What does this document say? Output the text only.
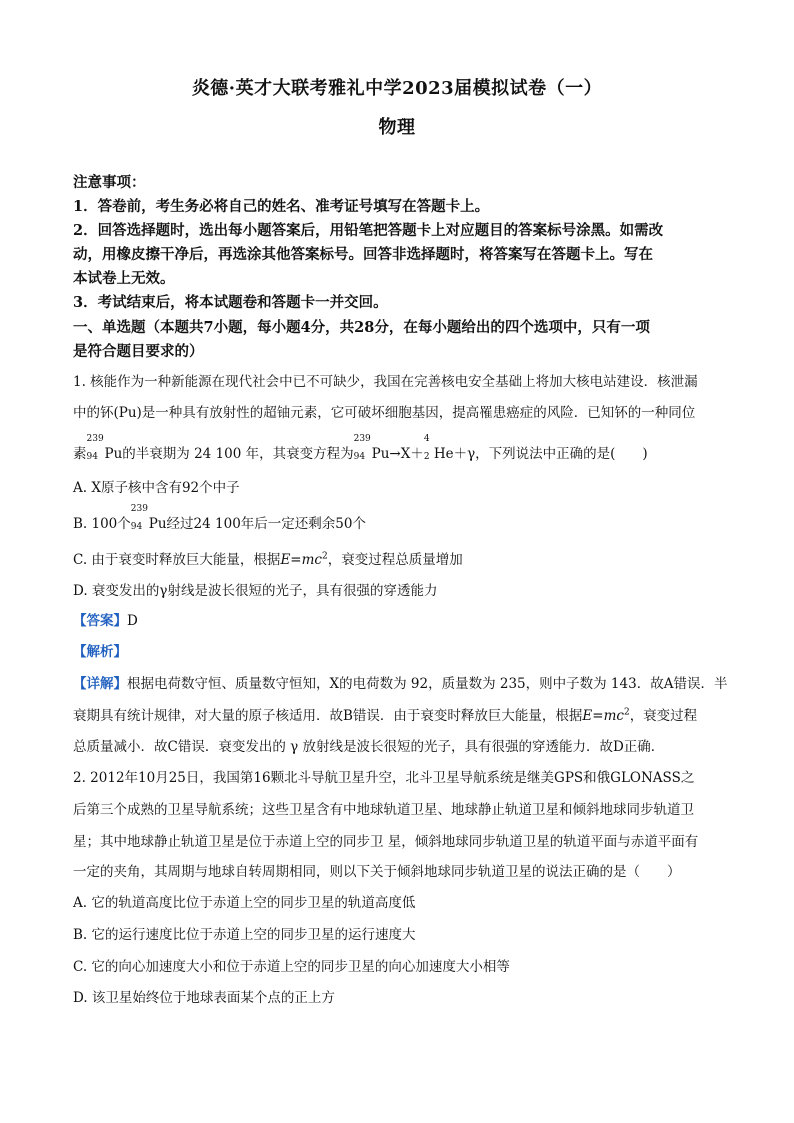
炎德·英才大联考雅礼中学2023届模拟试卷（一）
物理
注意事项：
1．答卷前，考生务必将自己的姓名、准考证号填写在答题卡上。
2．回答选择题时，选出每小题答案后，用铅笔把答题卡上对应题目的答案标号涂黑。如需改
动，用橡皮擦干净后，再选涂其他答案标号。回答非选择题时，将答案写在答题卡上。写在
本试卷上无效。
3．考试结束后，将本试题卷和答题卡一并交回。
一、单选题（本题共7小题，每小题4分，共28分，在每小题给出的四个选项中，只有一项
是符合题目要求的）
1. 核能作为一种新能源在现代社会中已不可缺少，我国在完善核电安全基础上将加大核电站建设．核泄漏
中的钚(Pu)是一种具有放射性的超铀元素，它可破坏细胞基因，提高罹患癌症的风险．已知钚的一种同位
素
239
94 Pu的半衰期为 24 100 年，其衰变方程为
239
94 Pu→X＋
4
2 He＋γ，下列说法中正确的是(　　)
A. X原子核中含有92个中子
B. 100个
239
94 Pu经过24 100年后一定还剩余50个
C. 由于衰变时释放巨大能量，根据$E=mc^2$，衰变过程总质量增加
D. 衰变发出的γ射线是波长很短的光子，具有很强的穿透能力
【答案】D
【解析】
【详解】根据电荷数守恒、质量数守恒知，X的电荷数为 92，质量数为 235，则中子数为 143．故A错误．半
衰期具有统计规律，对大量的原子核适用．故B错误．由于衰变时释放巨大能量，根据$E=mc^2$，衰变过程
总质量减小．故C错误．衰变发出的 γ 放射线是波长很短的光子，具有很强的穿透能力．故D正确．
2. 2012年10月25日，我国第16颗北斗导航卫星升空，北斗卫星导航系统是继美GPS和俄GLONASS之
后第三个成熟的卫星导航系统；这些卫星含有中地球轨道卫星、地球静止轨道卫星和倾斜地球同步轨道卫
星；其中地球静止轨道卫星是位于赤道上空的同步卫 星，倾斜地球同步轨道卫星的轨道平面与赤道平面有
一定的夹角，其周期与地球自转周期相同，则以下关于倾斜地球同步轨道卫星的说法正确的是（　　）
A. 它的轨道高度比位于赤道上空的同步卫星的轨道高度低
B. 它的运行速度比位于赤道上空的同步卫星的运行速度大
C. 它的向心加速度大小和位于赤道上空的同步卫星的向心加速度大小相等
D. 该卫星始终位于地球表面某个点的正上方
